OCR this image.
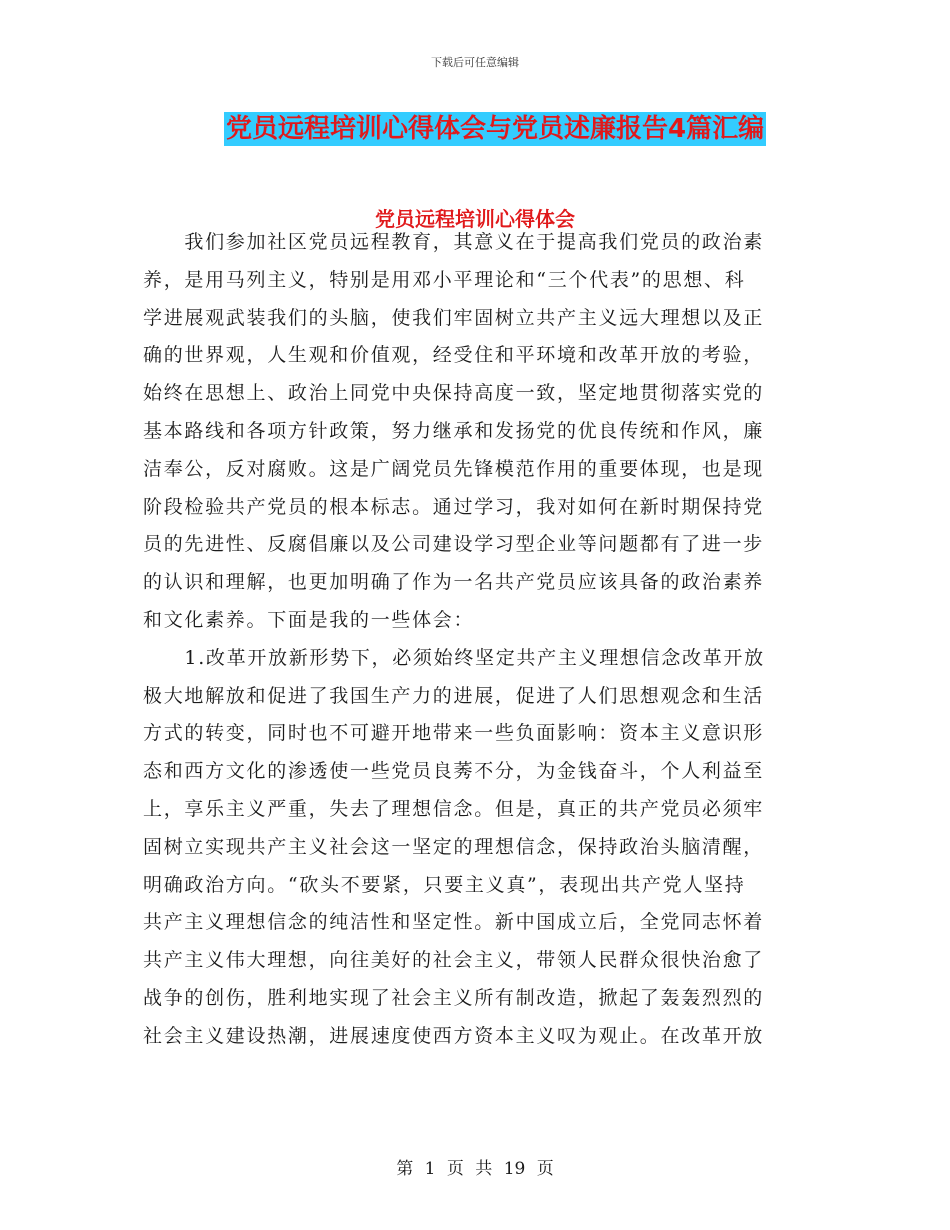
下载后可任意编辑
党员远程培训心得体会与党员述廉报告4篇汇编
党员远程培训心得体会
　　我们参加社区党员远程教育，其意义在于提高我们党员的政治素
养，是用马列主义，特别是用邓小平理论和“三个代表”的思想、科
学进展观武装我们的头脑，使我们牢固树立共产主义远大理想以及正
确的世界观，人生观和价值观，经受住和平环境和改革开放的考验，
始终在思想上、政治上同党中央保持高度一致，坚定地贯彻落实党的
基本路线和各项方针政策，努力继承和发扬党的优良传统和作风，廉
洁奉公，反对腐败。这是广阔党员先锋模范作用的重要体现，也是现
阶段检验共产党员的根本标志。通过学习，我对如何在新时期保持党
员的先进性、反腐倡廉以及公司建设学习型企业等问题都有了进一步
的认识和理解，也更加明确了作为一名共产党员应该具备的政治素养
和文化素养。下面是我的一些体会：
　　1.改革开放新形势下，必须始终坚定共产主义理想信念改革开放
极大地解放和促进了我国生产力的进展，促进了人们思想观念和生活
方式的转变，同时也不可避开地带来一些负面影响：资本主义意识形
态和西方文化的渗透使一些党员良莠不分，为金钱奋斗，个人利益至
上，享乐主义严重，失去了理想信念。但是，真正的共产党员必须牢
固树立实现共产主义社会这一坚定的理想信念，保持政治头脑清醒，
明确政治方向。“砍头不要紧，只要主义真”，表现出共产党人坚持
共产主义理想信念的纯洁性和坚定性。新中国成立后，全党同志怀着
共产主义伟大理想，向往美好的社会主义，带领人民群众很快治愈了
战争的创伤，胜利地实现了社会主义所有制改造，掀起了轰轰烈烈的
社会主义建设热潮，进展速度使西方资本主义叹为观止。在改革开放
第 1 页 共 19 页
